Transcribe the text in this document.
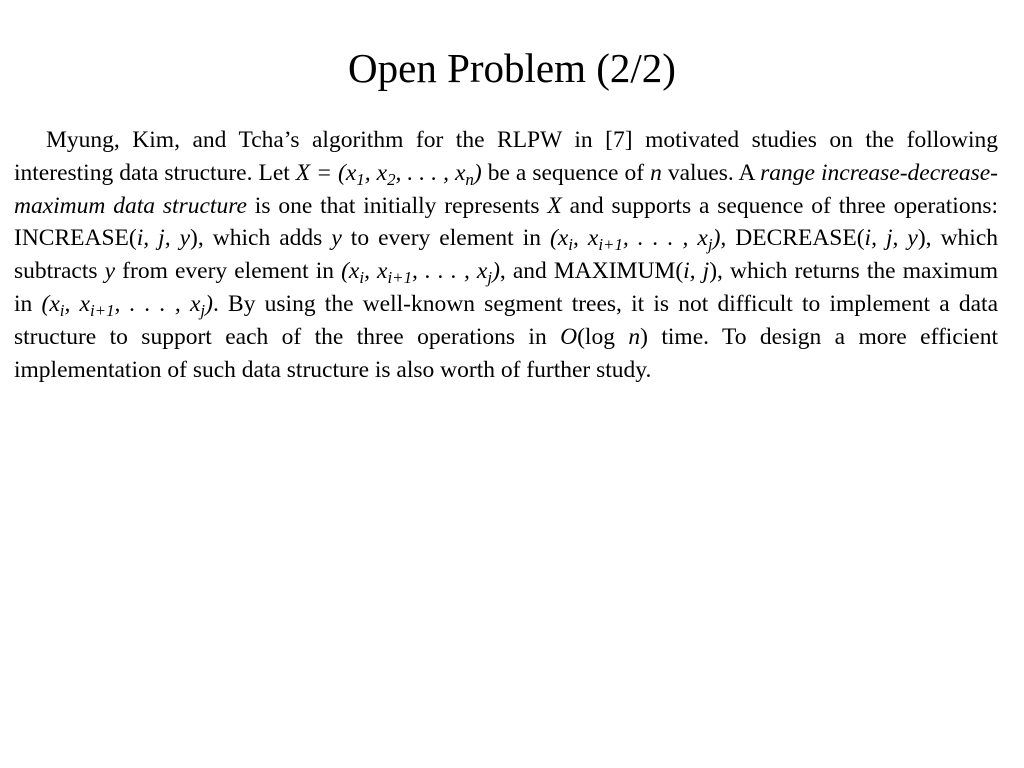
Open Problem (2/2)

Myung, Kim, and Tcha’s algorithm for the RLPW in [7] motivated studies on the following interesting data structure. Let $X = (x_1$, $x_2$, . . . , $x_n$) be a sequence of n values. A range increase-decrease-maximum data structure is one that initially represents X and supports a sequence of three operations: INCREASE(i, j, y), which adds y to every element in ($x_i$, $x_{i+1}$, . . . , $x_j$), DECREASE(i, j, y), which subtracts y from every element in ($x_i$, $x_{i+1}$, . . . , $x_j$), and MAXIMUM(i, j), which returns the maximum in ($x_i$, $x_{i+1}$, . . . , $x_j$). By using the well-known segment trees, it is not difficult to implement a data structure to support each of the three operations in O(log n) time. To design a more efficient implementation of such data structure is also worth of further study.
